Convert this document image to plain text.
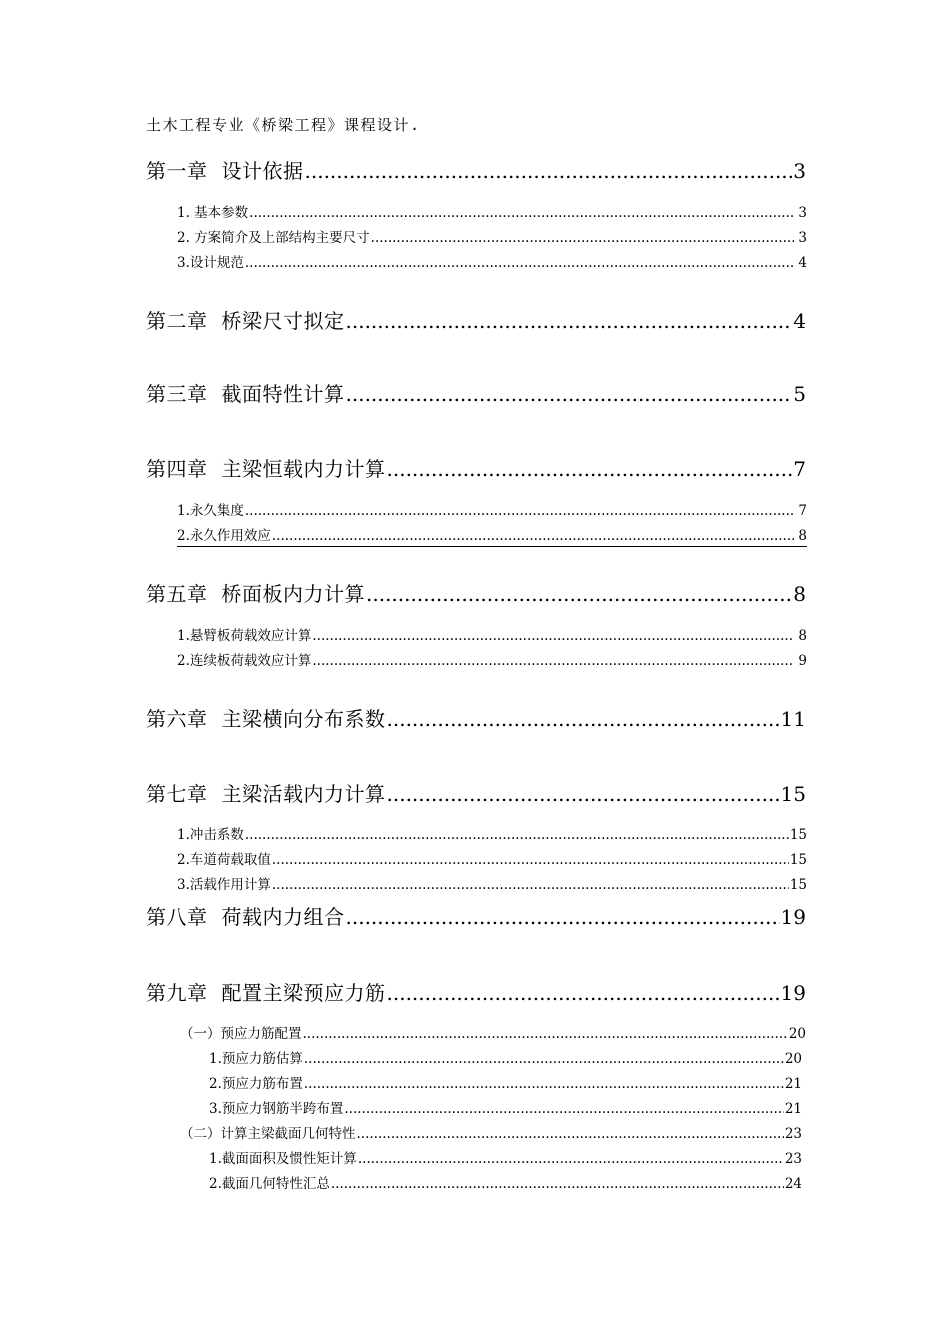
土木工程专业《桥梁工程》课程设计.
第一章 设计依据 .....	3
1. 基本参数 .....	3
2. 方案简介及上部结构主要尺寸 .....	3
3.设计规范 .....	4
第二章 桥梁尺寸拟定 .....	4
第三章 截面特性计算 .....	5
第四章 主梁恒载内力计算 .....	7
1.永久集度 .....	7
2.永久作用效应 .....	8
第五章 桥面板内力计算 .....	8
1.悬臂板荷载效应计算 .....	8
2.连续板荷载效应计算 .....	9
第六章 主梁横向分布系数 .....	11
第七章 主梁活载内力计算 .....	15
1.冲击系数 .....	15
2.车道荷载取值 .....	15
3.活载作用计算 .....	15
第八章 荷载内力组合 .....	19
第九章 配置主梁预应力筋 .....	19
（一）预应力筋配置 .....	20
1.预应力筋估算 .....	20
2.预应力筋布置 .....	21
3.预应力钢筋半跨布置 .....	21
（二）计算主梁截面几何特性 .....	23
1.截面面积及惯性矩计算 .....	23
2.截面几何特性汇总 .....	24
